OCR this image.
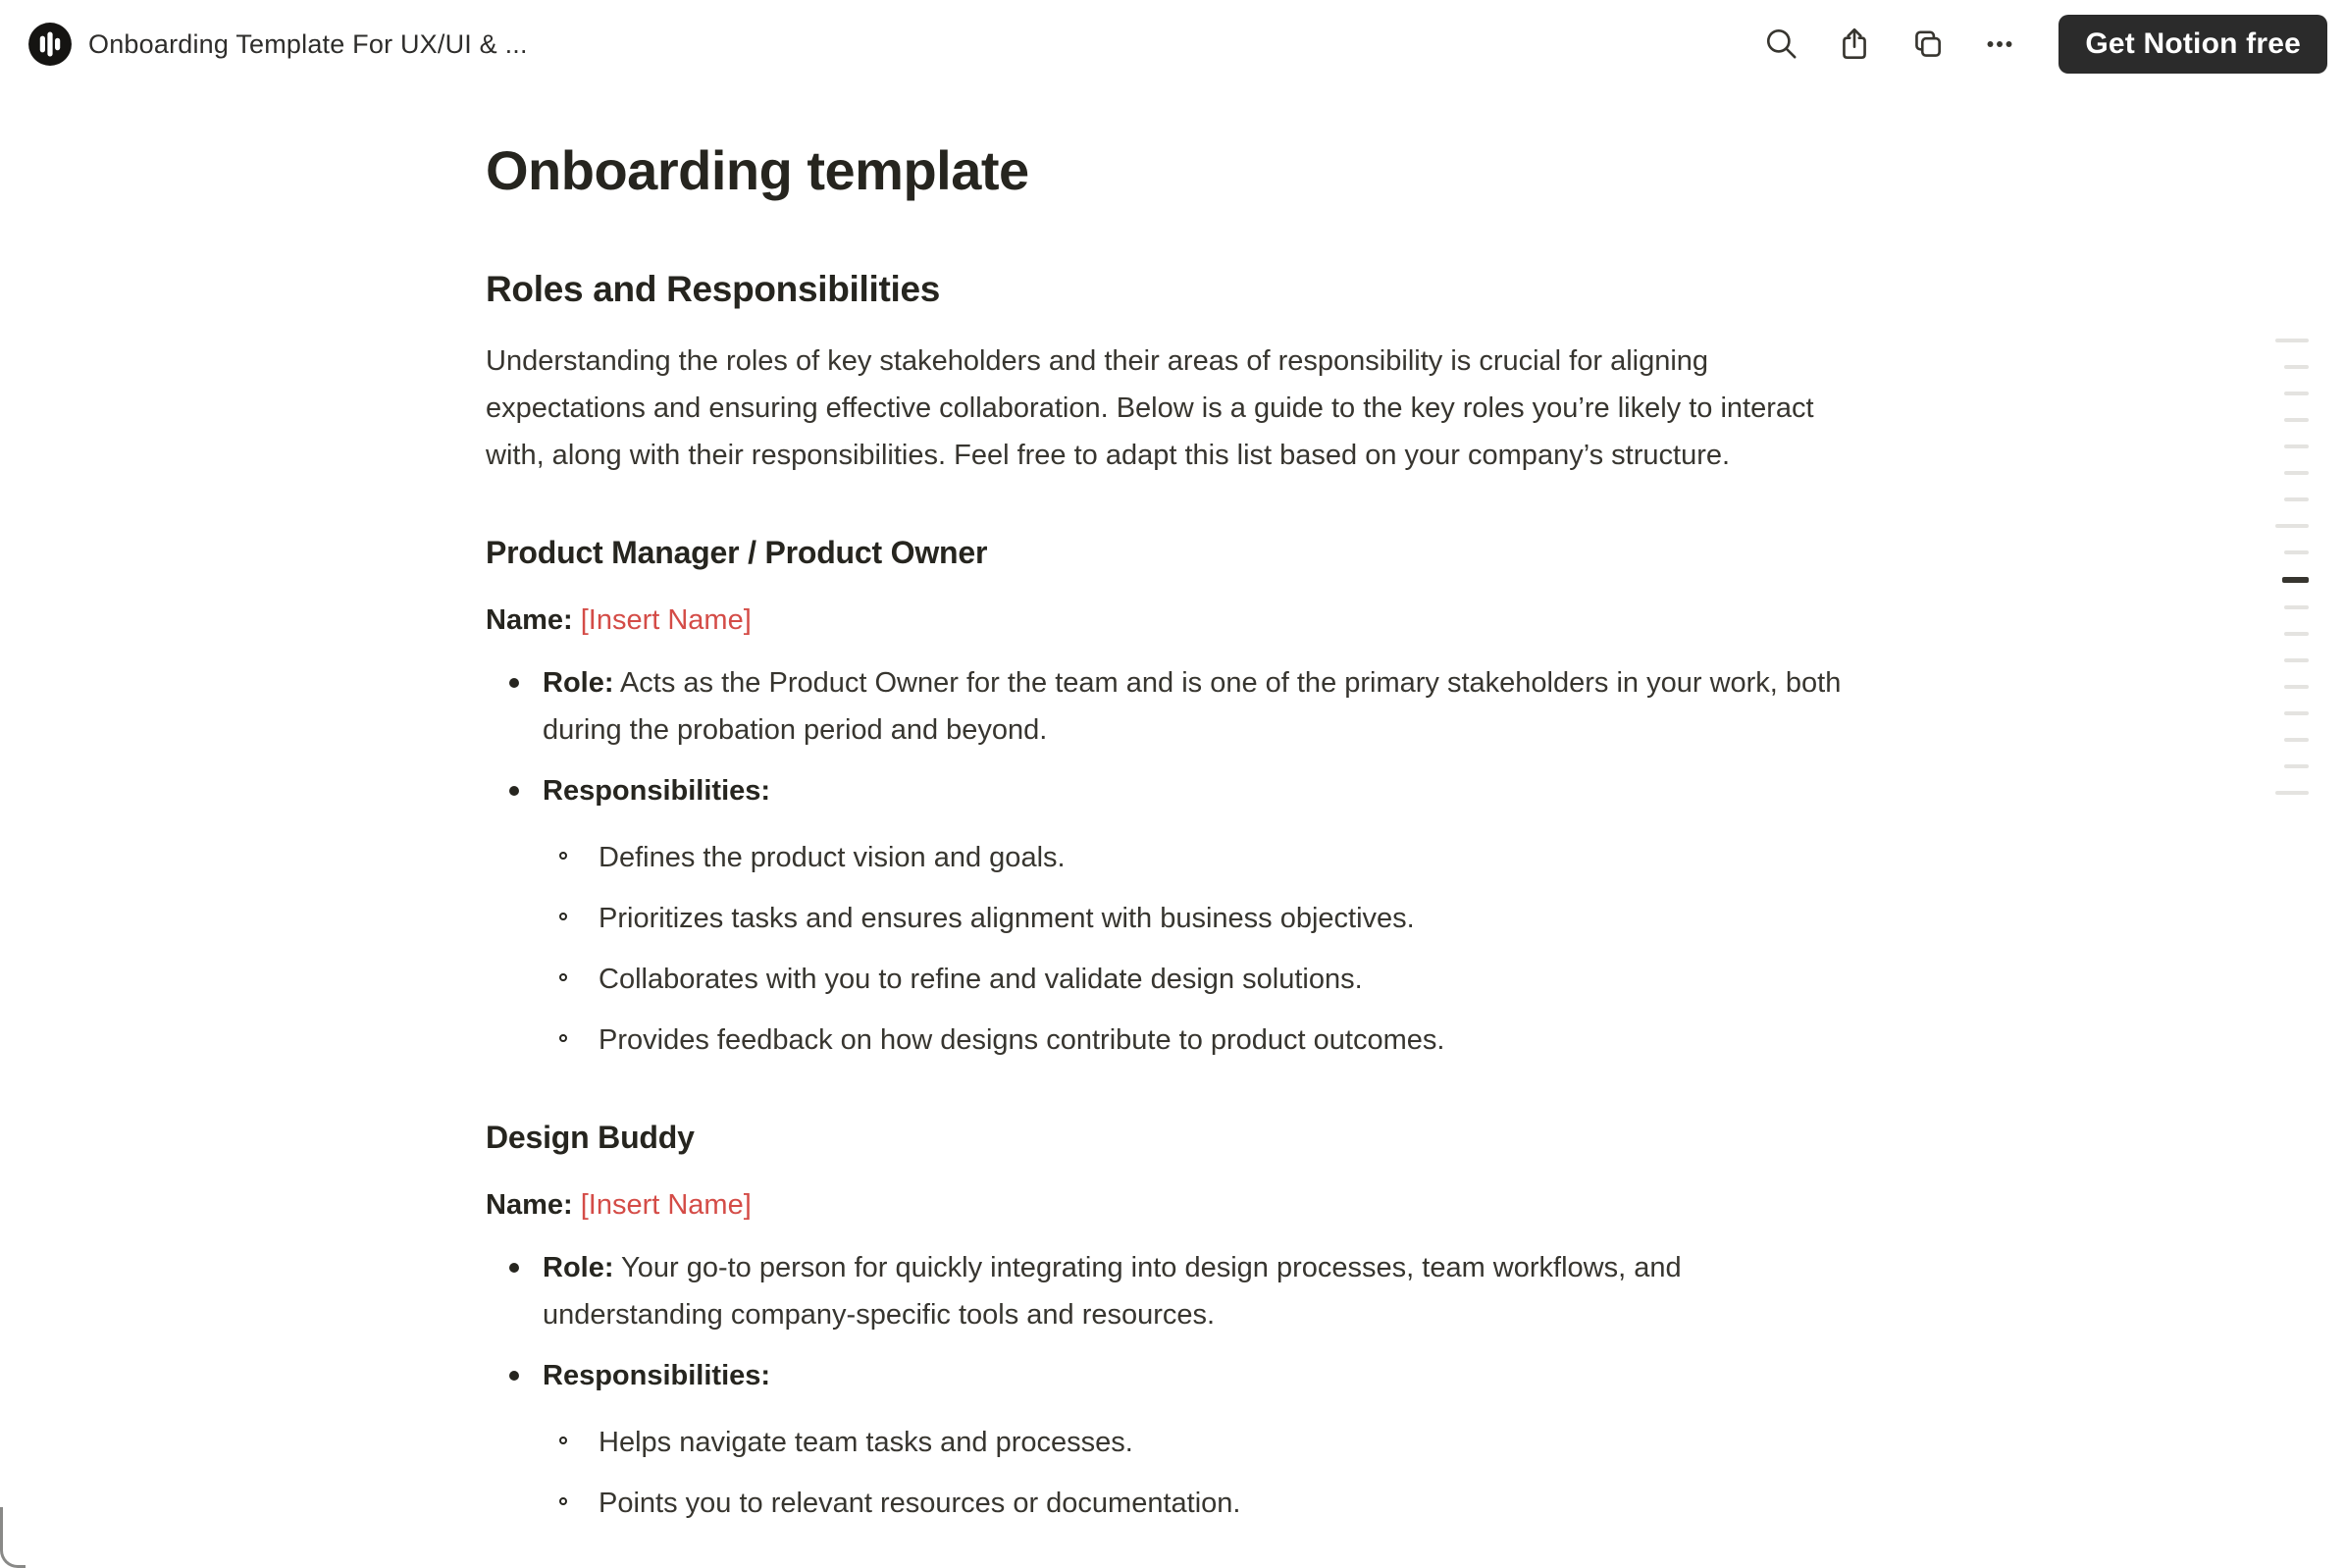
Onboarding Template For UX/UI & ...	Get Notion free
Onboarding template
Roles and Responsibilities

Understanding the roles of key stakeholders and their areas of responsibility is crucial for aligning expectations and ensuring effective collaboration. Below is a guide to the key roles you’re likely to interact with, along with their responsibilities. Feel free to adapt this list based on your company’s structure.

Product Manager / Product Owner

Name: [Insert Name]

Role: Acts as the Product Owner for the team and is one of the primary stakeholders in your work, both during the probation period and beyond.
Responsibilities:
Defines the product vision and goals.
Prioritizes tasks and ensures alignment with business objectives.
Collaborates with you to refine and validate design solutions.
Provides feedback on how designs contribute to product outcomes.
Design Buddy

Name: [Insert Name]

Role: Your go-to person for quickly integrating into design processes, team workflows, and understanding company-specific tools and resources.
Responsibilities:
Helps navigate team tasks and processes.
Points you to relevant resources or documentation.
